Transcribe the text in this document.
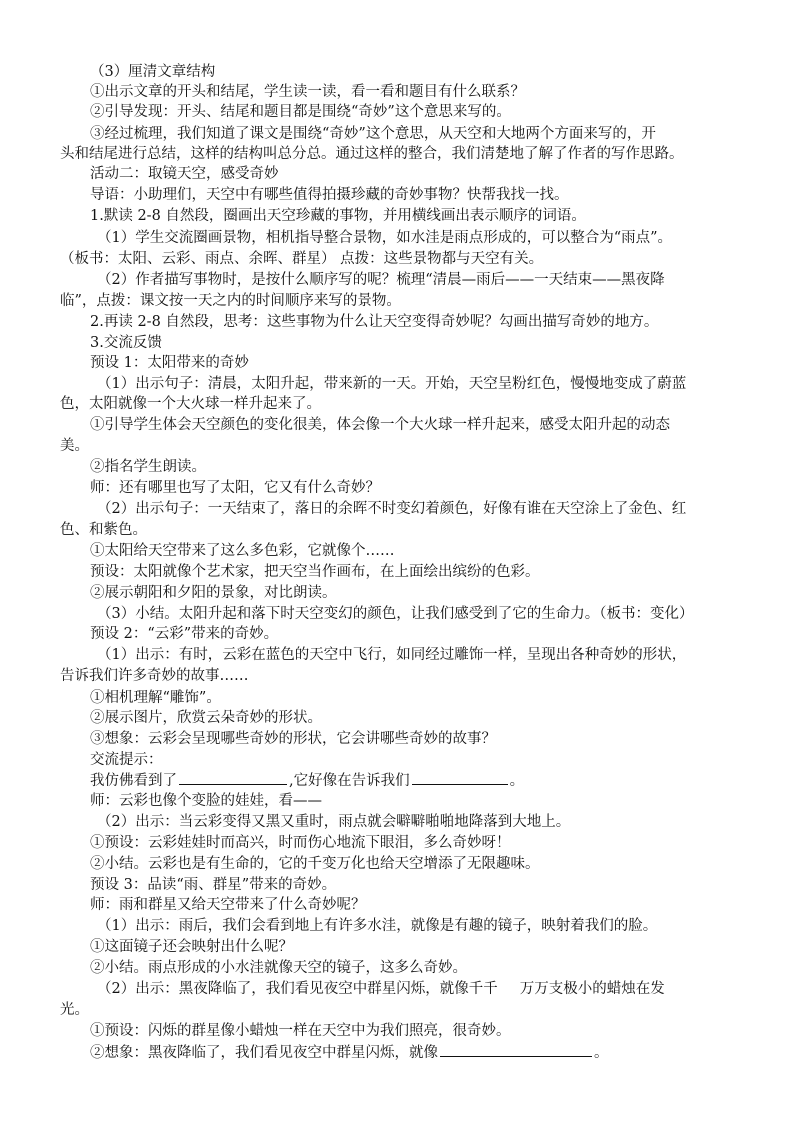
（3）厘清文章结构
①出示文章的开头和结尾，学生读一读，看一看和题目有什么联系？
②引导发现：开头、结尾和题目都是围绕“奇妙”这个意思来写的。
③经过梳理，我们知道了课文是围绕“奇妙”这个意思，从天空和大地两个方面来写的，开
头和结尾进行总结，这样的结构叫总分总。通过这样的整合，我们清楚地了解了作者的写作思路。
活动二：取镜天空，感受奇妙
导语：小助理们，天空中有哪些值得拍摄珍藏的奇妙事物？快帮我找一找。
1.默读 2-8 自然段，圈画出天空珍藏的事物，并用横线画出表示顺序的词语。
（1）学生交流圈画景物，相机指导整合景物，如水洼是雨点形成的，可以整合为“雨点”。
（板书：太阳、云彩、雨点、余晖、群星） 点拨：这些景物都与天空有关。
（2）作者描写事物时，是按什么顺序写的呢？梳理“清晨—雨后——一天结束——黑夜降
临”，点拨：课文按一天之内的时间顺序来写的景物。
2.再读 2-8 自然段，思考：这些事物为什么让天空变得奇妙呢？勾画出描写奇妙的地方。
3.交流反馈
预设 1：太阳带来的奇妙
（1）出示句子：清晨，太阳升起，带来新的一天。开始，天空呈粉红色，慢慢地变成了蔚蓝
色，太阳就像一个大火球一样升起来了。
①引导学生体会天空颜色的变化很美，体会像一个大火球一样升起来，感受太阳升起的动态
美。
②指名学生朗读。
师：还有哪里也写了太阳，它又有什么奇妙？
（2）出示句子：一天结束了，落日的余晖不时变幻着颜色，好像有谁在天空涂上了金色、红
色、和紫色。
①太阳给天空带来了这么多色彩，它就像个……
预设：太阳就像个艺术家，把天空当作画布，在上面绘出缤纷的色彩。
②展示朝阳和夕阳的景象，对比朗读。
（3）小结。太阳升起和落下时天空变幻的颜色，让我们感受到了它的生命力。（板书：变化）
预设 2：“云彩”带来的奇妙。
（1）出示：有时，云彩在蓝色的天空中飞行，如同经过雕饰一样，呈现出各种奇妙的形状，
告诉我们许多奇妙的故事……
①相机理解“雕饰”。
②展示图片，欣赏云朵奇妙的形状。
③想象：云彩会呈现哪些奇妙的形状，它会讲哪些奇妙的故事？
交流提示：
我仿佛看到了	,它好像在告诉我们	。
师：云彩也像个变脸的娃娃，看——
（2）出示：当云彩变得又黑又重时，雨点就会噼噼啪啪地降落到大地上。
①预设：云彩娃娃时而高兴，时而伤心地流下眼泪，多么奇妙呀！
②小结。云彩也是有生命的，它的千变万化也给天空增添了无限趣味。
预设 3：品读“雨、群星”带来的奇妙。
师：雨和群星又给天空带来了什么奇妙呢？
（1）出示：雨后，我们会看到地上有许多水洼，就像是有趣的镜子，映射着我们的脸。
①这面镜子还会映射出什么呢？
②小结。雨点形成的小水洼就像天空的镜子，这多么奇妙。
（2）出示：黑夜降临了，我们看见夜空中群星闪烁，就像千千 万万支极小的蜡烛在发
光。
①预设：闪烁的群星像小蜡烛一样在天空中为我们照亮，很奇妙。
②想象：黑夜降临了，我们看见夜空中群星闪烁，就像	。
